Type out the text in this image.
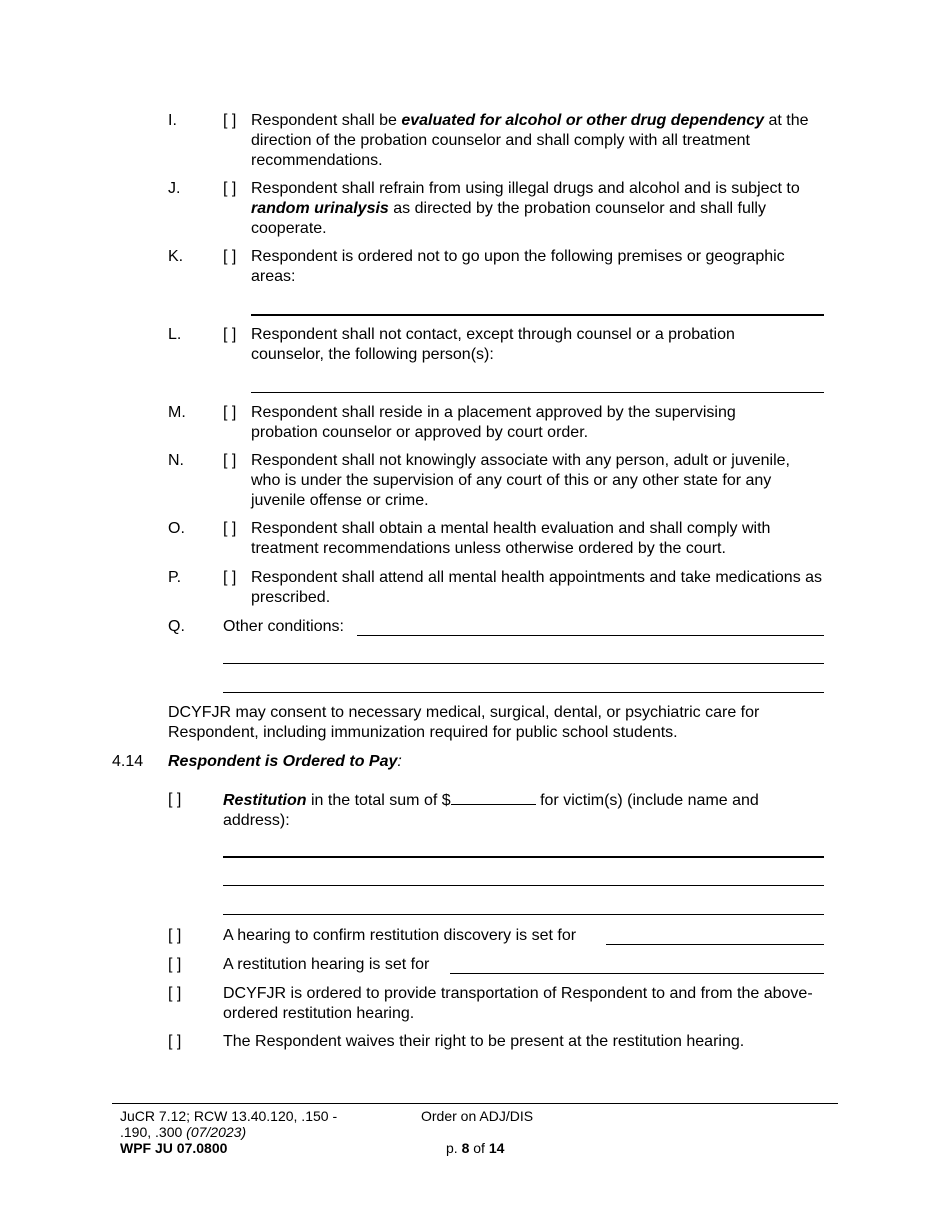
I.	[ ] Respondent shall be evaluated for alcohol or other drug dependency at the direction of the probation counselor and shall comply with all treatment recommendations.
J.	[ ] Respondent shall refrain from using illegal drugs and alcohol and is subject to random urinalysis as directed by the probation counselor and shall fully cooperate.
K. [ ] Respondent is ordered not to go upon the following premises or geographic areas:
L.	[ ] Respondent shall not contact, except through counsel or a probation counselor, the following person(s):
M. [ ] Respondent shall reside in a placement approved by the supervising probation counselor or approved by court order.
N. [ ] Respondent shall not knowingly associate with any person, adult or juvenile, who is under the supervision of any court of this or any other state for any juvenile offense or crime.
O. [ ] Respondent shall obtain a mental health evaluation and shall comply with treatment recommendations unless otherwise ordered by the court.
P.	[ ] Respondent shall attend all mental health appointments and take medications as prescribed.
Q. Other conditions:
DCYFJR may consent to necessary medical, surgical, dental, or psychiatric care for Respondent, including immunization required for public school students.
4.14 Respondent is Ordered to Pay:
[ ]	Restitution in the total sum of $	for victim(s) (include name and address):
[ ]	A hearing to confirm restitution discovery is set for
[ ]	A restitution hearing is set for
[ ]	DCYFJR is ordered to provide transportation of Respondent to and from the above-ordered restitution hearing.
[ ]	The Respondent waives their right to be present at the restitution hearing.
JuCR 7.12; RCW 13.40.120, .150 -
.190, .300 (07/2023)
WPF JU 07.0800
Order on ADJ/DIS
p. 8 of 14
